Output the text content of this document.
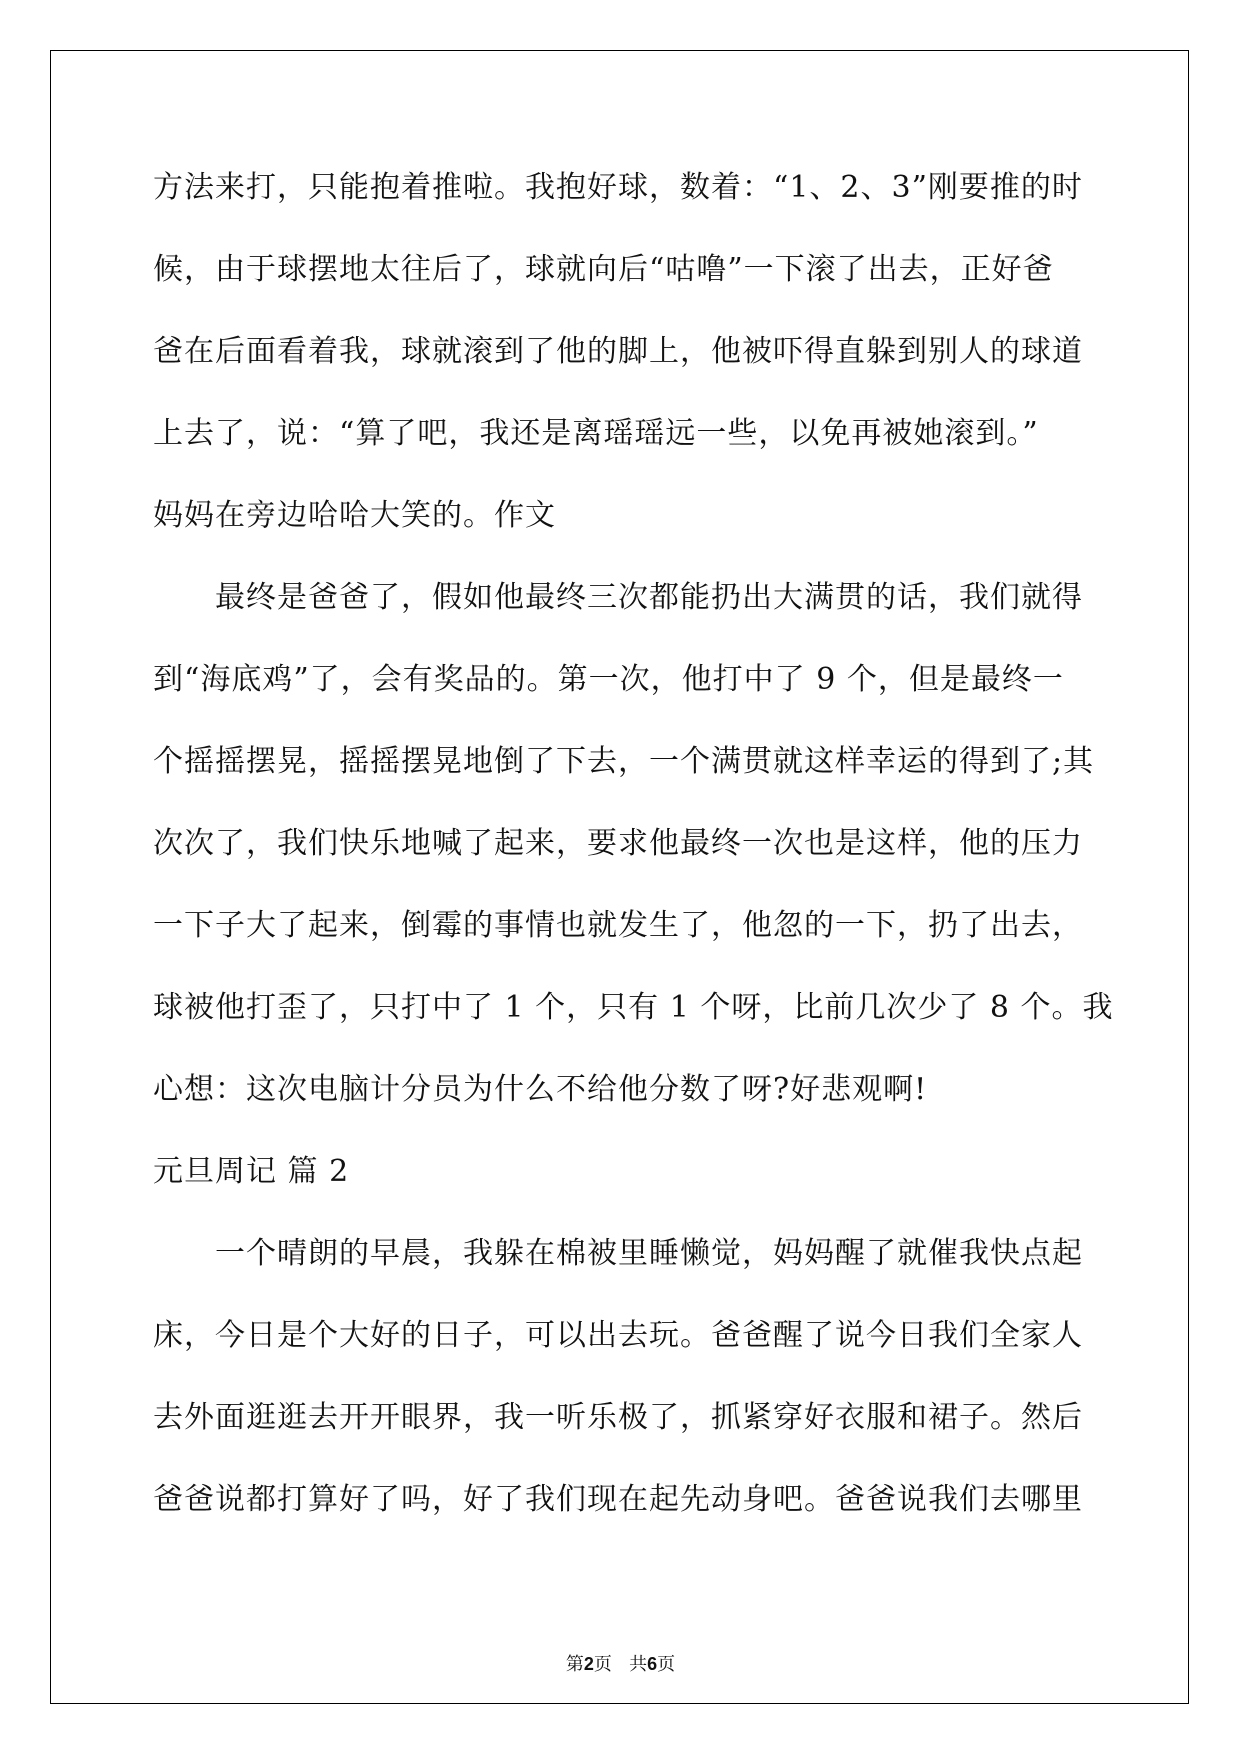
方法来打，只能抱着推啦。我抱好球，数着：“1、2、3”刚要推的时
候，由于球摆地太往后了，球就向后“咕噜”一下滚了出去，正好爸
爸在后面看着我，球就滚到了他的脚上，他被吓得直躲到别人的球道
上去了，说：“算了吧，我还是离瑶瑶远一些，以免再被她滚到。”
妈妈在旁边哈哈大笑的。作文
最终是爸爸了，假如他最终三次都能扔出大满贯的话，我们就得
到“海底鸡”了，会有奖品的。第一次，他打中了 9 个，但是最终一
个摇摇摆晃，摇摇摆晃地倒了下去，一个满贯就这样幸运的得到了;其
次次了，我们快乐地喊了起来，要求他最终一次也是这样，他的压力
一下子大了起来，倒霉的事情也就发生了，他忽的一下，扔了出去，
球被他打歪了，只打中了 1 个，只有 1 个呀，比前几次少了 8 个。我
心想：这次电脑计分员为什么不给他分数了呀?好悲观啊!
元旦周记 篇 2
一个晴朗的早晨，我躲在棉被里睡懒觉，妈妈醒了就催我快点起
床，今日是个大好的日子，可以出去玩。爸爸醒了说今日我们全家人
去外面逛逛去开开眼界，我一听乐极了，抓紧穿好衣服和裙子。然后
爸爸说都打算好了吗，好了我们现在起先动身吧。爸爸说我们去哪里
第2页 共6页
